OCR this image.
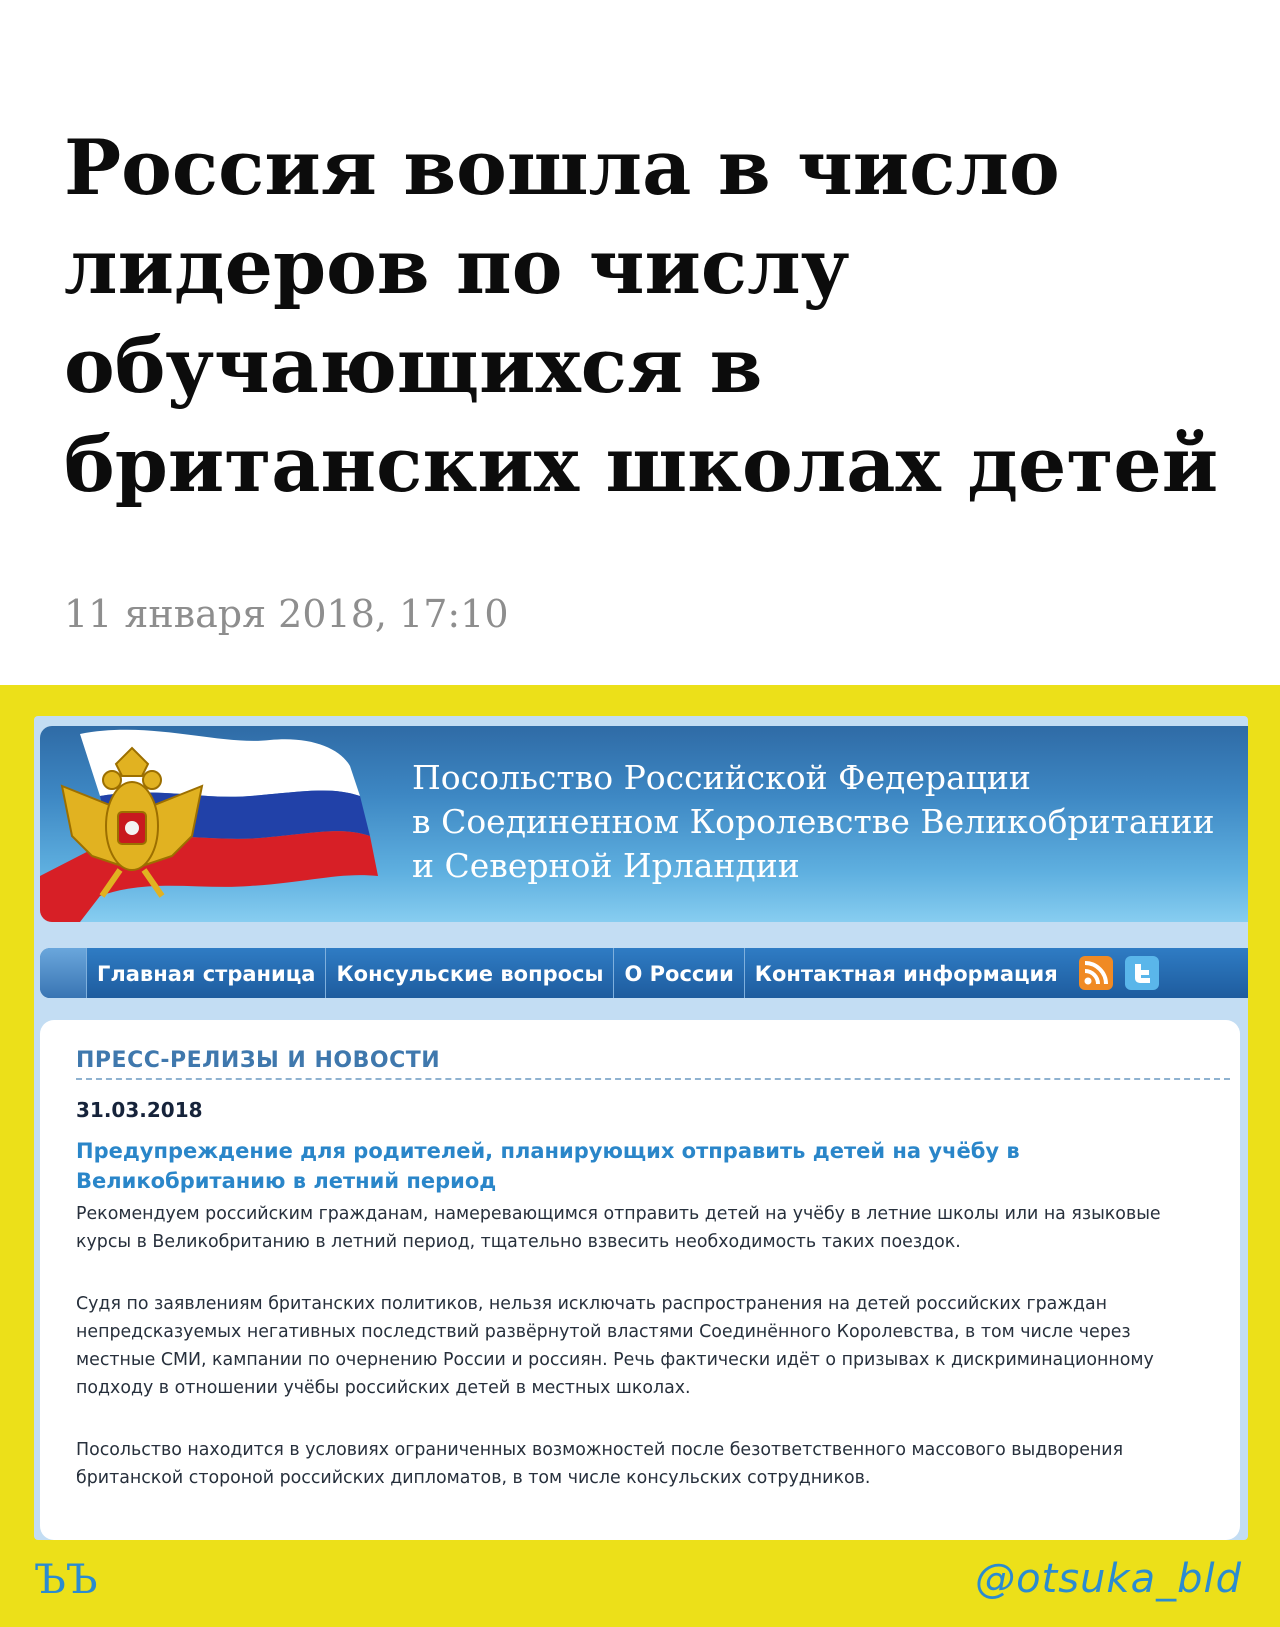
Россия вошла в число лидеров по числу обучающихся в британских школах детей
11 января 2018, 17:10
Посольство Российской Федерации
в Соединенном Королевстве Великобритании
и Северной Ирландии
Главная страница	Консульские вопросы	О России	Контактная информация
ПРЕСС-РЕЛИЗЫ И НОВОСТИ
31.03.2018
Предупреждение для родителей, планирующих отправить детей на учёбу в Великобританию в летний период

Рекомендуем российским гражданам, намеревающимся отправить детей на учёбу в летние школы или на языковые курсы в Великобританию в летний период, тщательно взвесить необходимость таких поездок.

Судя по заявлениям британских политиков, нельзя исключать распространения на детей российских граждан непредсказуемых негативных последствий развёрнутой властями Соединённого Королевства, в том числе через местные СМИ, кампании по очернению России и россиян. Речь фактически идёт о призывах к дискриминационному подходу в отношении учёбы российских детей в местных школах.

Посольство находится в условиях ограниченных возможностей после безответственного массового выдворения британской стороной российских дипломатов, в том числе консульских сотрудников.

ЪЪ	@otsuka_bld
